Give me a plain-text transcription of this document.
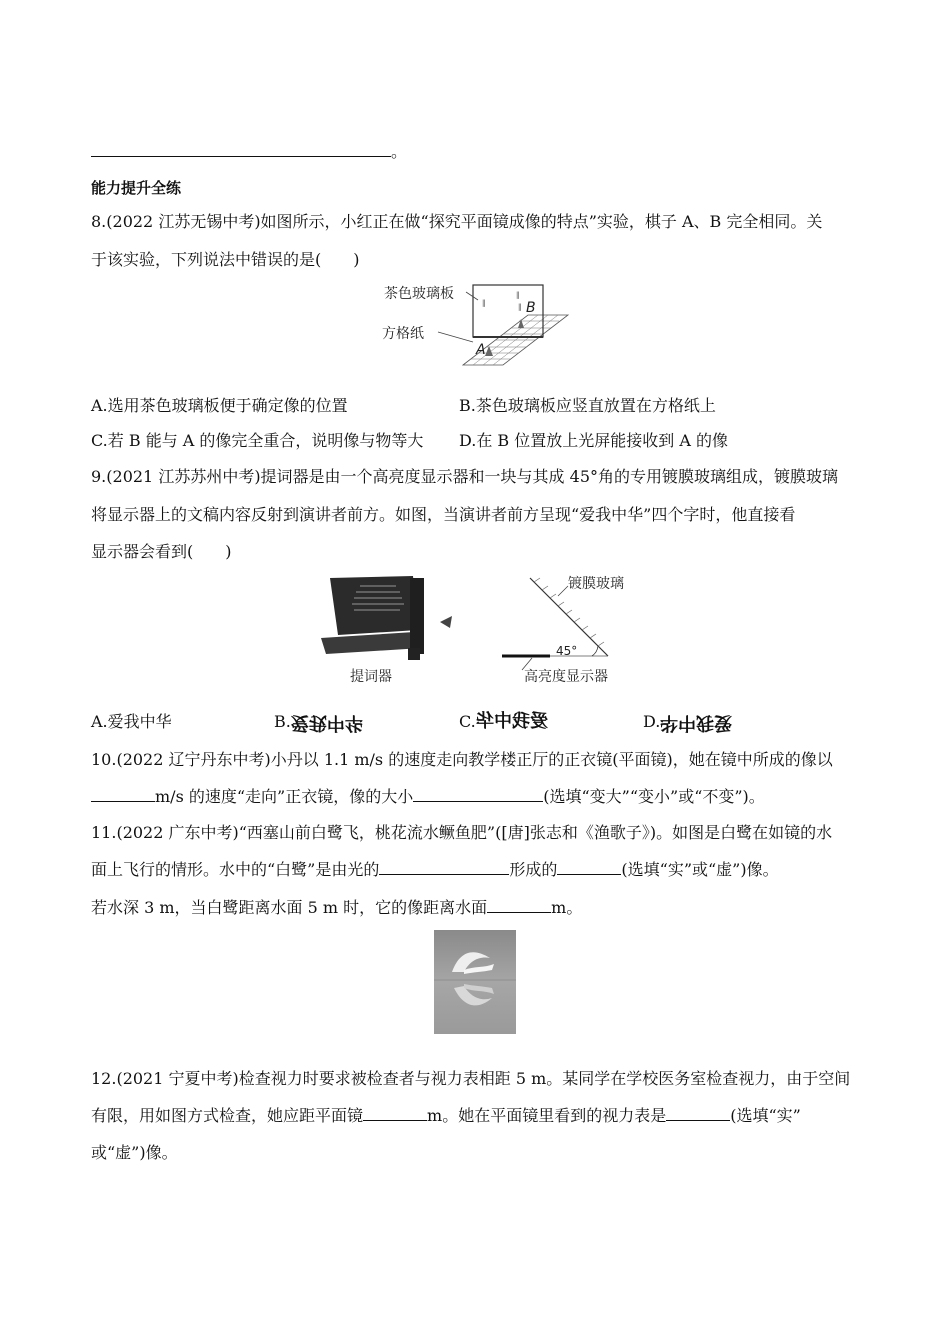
。
能力提升全练
8.(2022 江苏无锡中考)如图所示，小红正在做“探究平面镜成像的特点”实验，棋子 A、B 完全相同。关
于该实验，下列说法中错误的是(　　)
∥
∥
∥
茶色玻璃板
方格纸
A
B
A.选用茶色玻璃板便于确定像的位置	B.茶色玻璃板应竖直放置在方格纸上
C.若 B 能与 A 的像完全重合，说明像与物等大 D.在 B 位置放上光屏能接收到 A 的像
9.(2021 江苏苏州中考)提词器是由一个高亮度显示器和一块与其成 45°角的专用镀膜玻璃组成，镀膜玻璃
将显示器上的文稿内容反射到演讲者前方。如图，当演讲者前方呈现“爱我中华”四个字时，他直接看
显示器会看到(　　)
提词器
镀膜玻璃
45°
高亮度显示器
A.爱我中华	B.爱我中华	C.爱我中华	D.爱我中华
10.(2022 辽宁丹东中考)小丹以 1.1 m/s 的速度走向教学楼正厅的正衣镜(平面镜)，她在镜中所成的像以
m/s 的速度“走向”正衣镜，像的大小	(选填“变大”“变小”或“不变”)。
11.(2022 广东中考)“西塞山前白鹭飞，桃花流水鳜鱼肥”([唐]张志和《渔歌子》)。如图是白鹭在如镜的水
面上飞行的情形。水中的“白鹭”是由光的	形成的	(选填“实”或“虚”)像。
若水深 3 m，当白鹭距离水面 5 m 时，它的像距离水面	m。
12.(2021 宁夏中考)检查视力时要求被检查者与视力表相距 5 m。某同学在学校医务室检查视力，由于空间
有限，用如图方式检查，她应距平面镜	m。她在平面镜里看到的视力表是	(选填“实”
或“虚”)像。
